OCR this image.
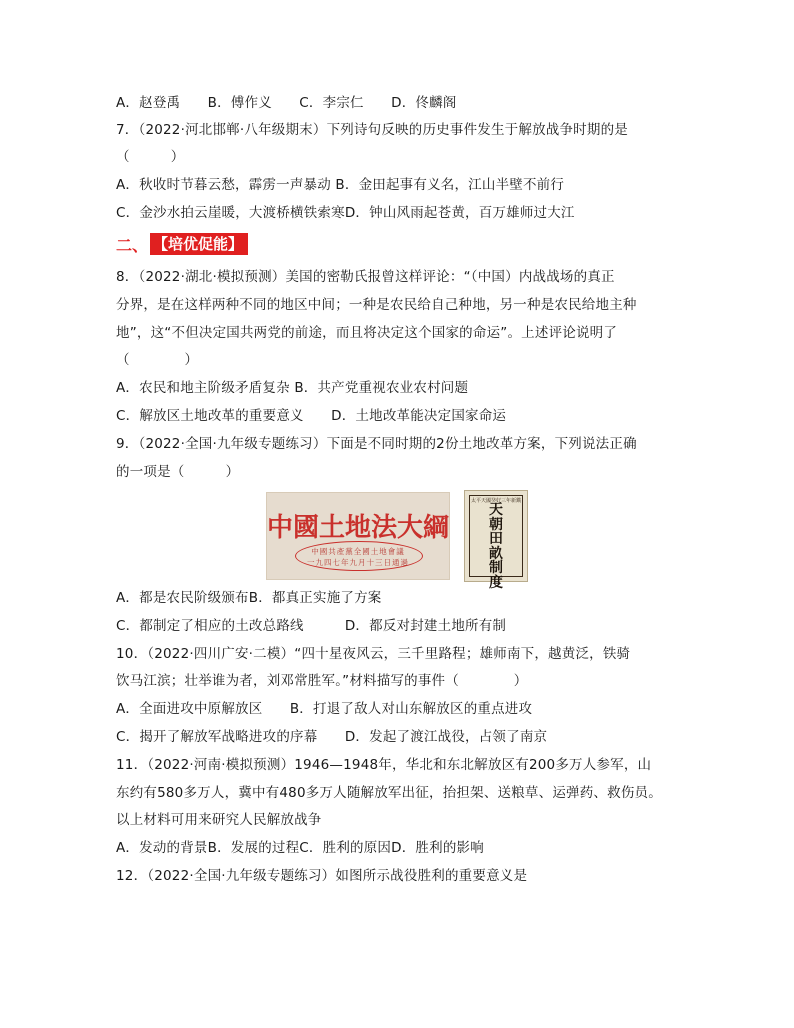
A．赵登禹　　B．傅作义　　C．李宗仁　　D．佟麟阁
7．（2022·河北邯郸·八年级期末）下列诗句反映的历史事件发生于解放战争时期的是
（　　　）
A．秋收时节暮云愁，霹雳一声暴动 B．金田起事有义名，江山半壁不前行
C．金沙水拍云崖暖，大渡桥横铁索寒D．钟山风雨起苍黄，百万雄师过大江
二、 【培优促能】
8．（2022·湖北·模拟预测）美国的密勒氏报曾这样评论：“（中国）内战战场的真正
分界，是在这样两种不同的地区中间；一种是农民给自己种地，另一种是农民给地主种
地”，这“不但决定国共两党的前途，而且将决定这个国家的命运”。上述评论说明了
（　　　　）
A．农民和地主阶级矛盾复杂 B．共产党重视农业农村问题
C．解放区土地改革的重要意义　　D．土地改革能决定国家命运
9．（2022·全国·九年级专题练习）下面是不同时期的2份土地改革方案，下列说法正确
的一项是（　　　）
中國土地法大綱
中國共產黨全國土地會議
一九四七年九月十三日通過
太平天國癸好三年新鐫
天
朝
田
畝
制
度
A．都是农民阶级颁布B．都真正实施了方案
C．都制定了相应的土改总路线　　　D．都反对封建土地所有制
10．（2022·四川广安·二模）“四十星夜风云，三千里路程；雄师南下，越黄泛，铁骑
饮马江滨；壮举谁为者，刘邓常胜军。”材料描写的事件（　　　　）
A．全面进攻中原解放区　　B．打退了敌人对山东解放区的重点进攻
C．揭开了解放军战略进攻的序幕　　D．发起了渡江战役，占领了南京
11．（2022·河南·模拟预测）1946—1948年，华北和东北解放区有200多万人参军，山
东约有580多万人，冀中有480多万人随解放军出征，抬担架、送粮草、运弹药、救伤员。
以上材料可用来研究人民解放战争
A．发动的背景B．发展的过程C．胜利的原因D．胜利的影响
12．（2022·全国·九年级专题练习）如图所示战役胜利的重要意义是
